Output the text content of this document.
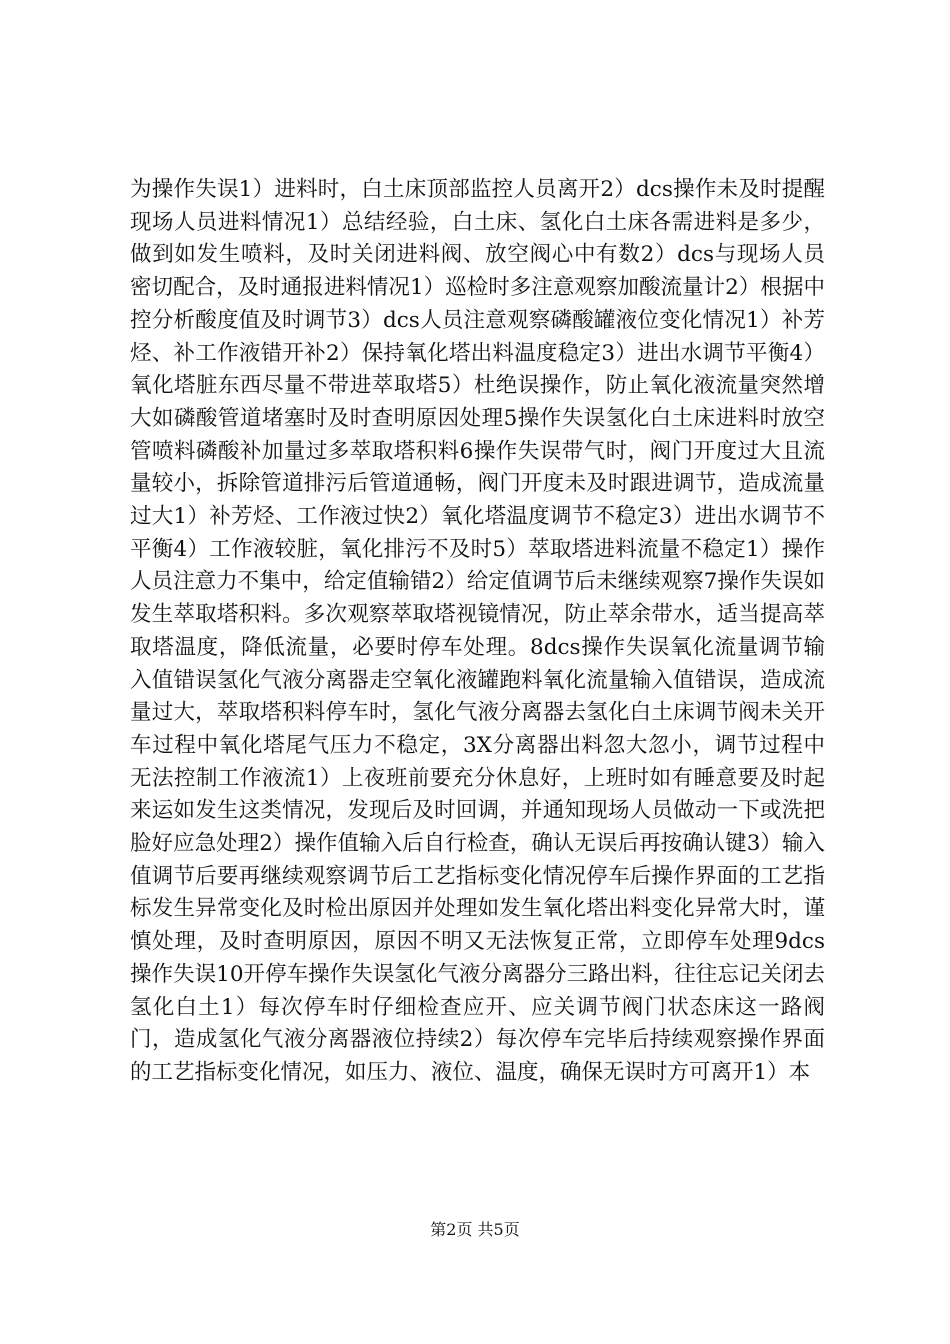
为操作失误1）进料时，白土床顶部监控人员离开2）dcs操作未及时提醒现场人员进料情况1）总结经验，白土床、氢化白土床各需进料是多少，做到如发生喷料，及时关闭进料阀、放空阀心中有数2）dcs与现场人员密切配合，及时通报进料情况1）巡检时多注意观察加酸流量计2）根据中控分析酸度值及时调节3）dcs人员注意观察磷酸罐液位变化情况1）补芳烃、补工作液错开补2）保持氧化塔出料温度稳定3）进出水调节平衡4）氧化塔脏东西尽量不带进萃取塔5）杜绝误操作，防止氧化液流量突然增大如磷酸管道堵塞时及时查明原因处理5操作失误氢化白土床进料时放空管喷料磷酸补加量过多萃取塔积料6操作失误带气时，阀门开度过大且流量较小，拆除管道排污后管道通畅，阀门开度未及时跟进调节，造成流量过大1）补芳烃、工作液过快2）氧化塔温度调节不稳定3）进出水调节不平衡4）工作液较脏，氧化排污不及时5）萃取塔进料流量不稳定1）操作人员注意力不集中，给定值输错2）给定值调节后未继续观察7操作失误如发生萃取塔积料。多次观察萃取塔视镜情况，防止萃余带水，适当提高萃取塔温度，降低流量，必要时停车处理。8dcs操作失误氧化流量调节输入值错误氢化气液分离器走空氧化液罐跑料氧化流量输入值错误，造成流量过大，萃取塔积料停车时，氢化气液分离器去氢化白土床调节阀未关开车过程中氧化塔尾气压力不稳定，3X分离器出料忽大忽小，调节过程中无法控制工作液流1）上夜班前要充分休息好，上班时如有睡意要及时起来运如发生这类情况，发现后及时回调，并通知现场人员做动一下或洗把脸好应急处理2）操作值输入后自行检查，确认无误后再按确认键3）输入值调节后要再继续观察调节后工艺指标变化情况停车后操作界面的工艺指标发生异常变化及时检出原因并处理如发生氧化塔出料变化异常大时，谨慎处理，及时查明原因，原因不明又无法恢复正常，立即停车处理9dcs操作失误10开停车操作失误氢化气液分离器分三路出料，往往忘记关闭去氢化白土1）每次停车时仔细检查应开、应关调节阀门状态床这一路阀门，造成氢化气液分离器液位持续2）每次停车完毕后持续观察操作界面的工艺指标变化情况，如压力、液位、温度，确保无误时方可离开1）本

第2页 共5页
